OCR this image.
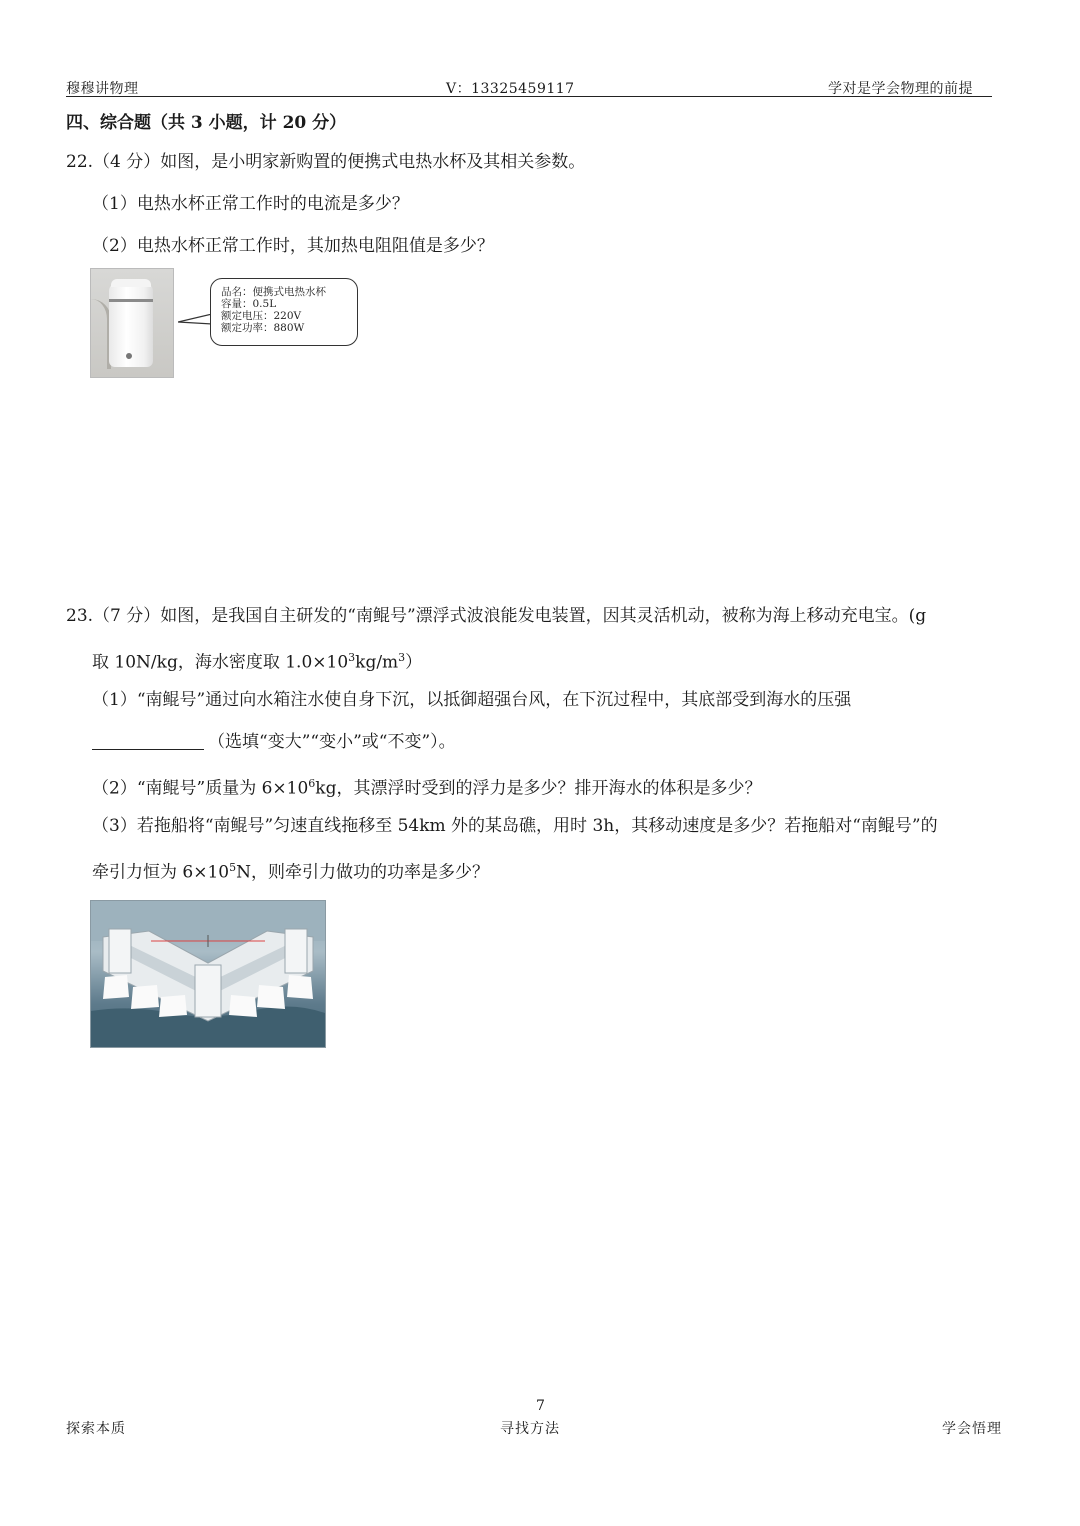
穆穆讲物理	V：13325459117	学对是学会物理的前提
四、综合题（共 3 小题，计 20 分）
22.（4 分）如图，是小明家新购置的便携式电热水杯及其相关参数。
（1）电热水杯正常工作时的电流是多少？
（2）电热水杯正常工作时，其加热电阻阻值是多少？
品名：便携式电热水杯
容量：0.5L
额定电压：220V
额定功率：880W
23.（7 分）如图，是我国自主研发的“南鲲号”漂浮式波浪能发电装置，因其灵活机动，被称为海上移动充电宝。(g
取 10N/kg，海水密度取 $1.0\times 10^3kg/m^3$）
（1）“南鲲号”通过向水箱注水使自身下沉，以抵御超强台风，在下沉过程中，其底部受到海水的压强
（选填“变大”“变小”或“不变”）。
（2）“南鲲号”质量为 $6\times 10^6kg$，其漂浮时受到的浮力是多少？排开海水的体积是多少？
（3）若拖船将“南鲲号”匀速直线拖移至 54km 外的某岛礁，用时 3h，其移动速度是多少？若拖船对“南鲲号”的
牵引力恒为 $6\times 10^5N$，则牵引力做功的功率是多少？
7
探索本质	寻找方法	学会悟理
